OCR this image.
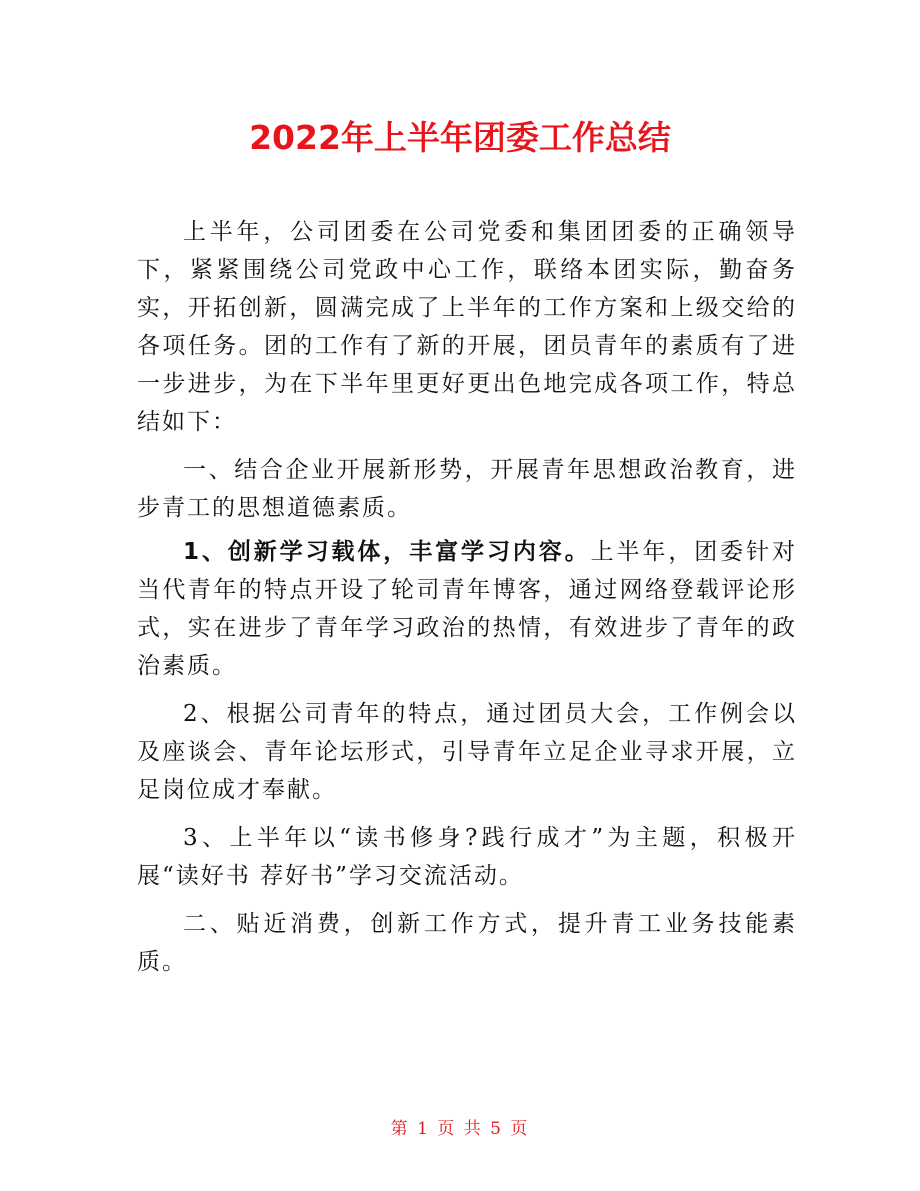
2022年上半年团委工作总结

上半年，公司团委在公司党委和集团团委的正确领导下，紧紧围绕公司党政中心工作，联络本团实际，勤奋务实，开拓创新，圆满完成了上半年的工作方案和上级交给的各项任务。团的工作有了新的开展，团员青年的素质有了进一步进步，为在下半年里更好更出色地完成各项工作，特总结如下：

一、结合企业开展新形势，开展青年思想政治教育，进步青工的思想道德素质。

1、创新学习载体，丰富学习内容。上半年，团委针对当代青年的特点开设了轮司青年博客，通过网络登载评论形式，实在进步了青年学习政治的热情，有效进步了青年的政治素质。

2、根据公司青年的特点，通过团员大会，工作例会以及座谈会、青年论坛形式，引导青年立足企业寻求开展，立足岗位成才奉献。

3、上半年以“读书修身?践行成才”为主题，积极开展“读好书 荐好书”学习交流活动。

二、贴近消费，创新工作方式，提升青工业务技能素质。

第 1 页 共 5 页
